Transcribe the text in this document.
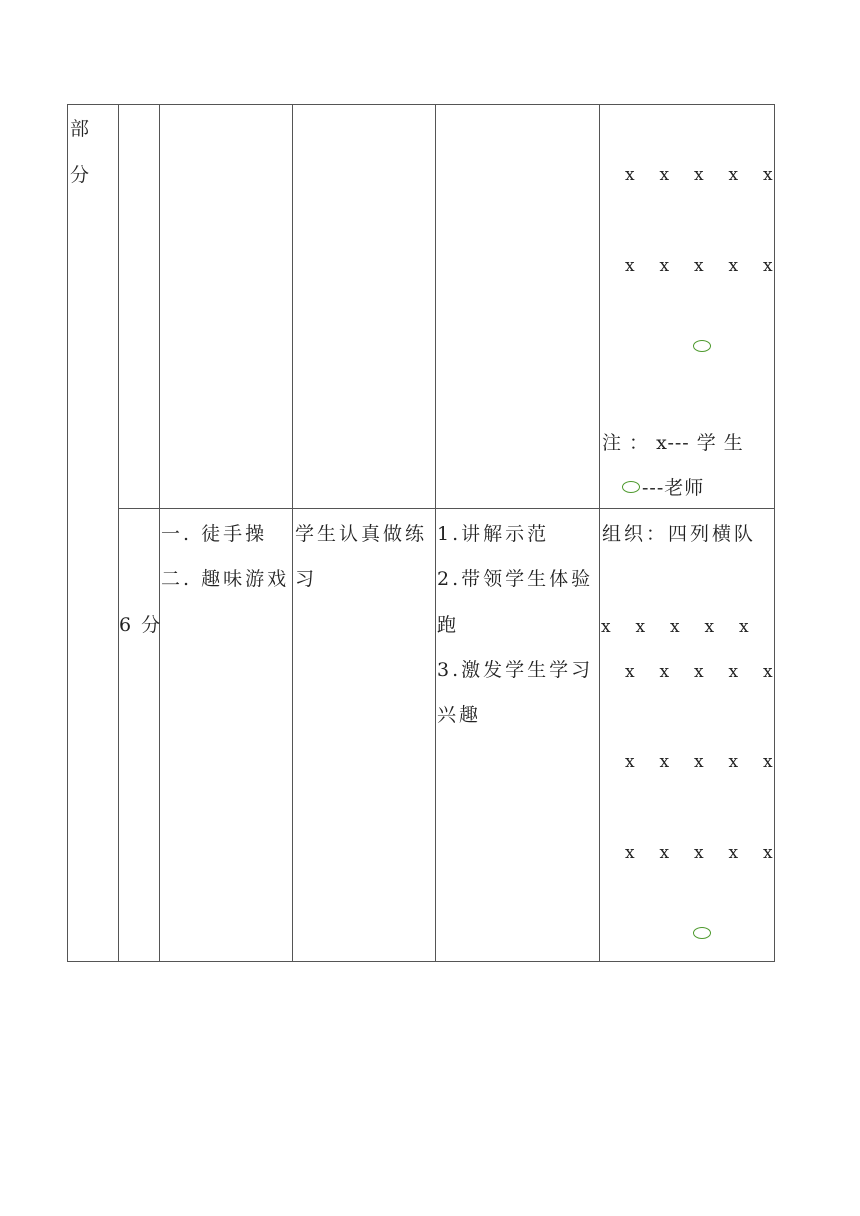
部
分	x x x x x
x x x x x
注 ： x--- 学 生
---老师
6 分
一. 徒手操
二. 趣味游戏
学生认真做练
习
1.讲解示范
2.带领学生体验
跑
3.激发学生学习
兴趣
组织：四列横队
x x x x x
x x x x x
x x x x x
x x x x x
